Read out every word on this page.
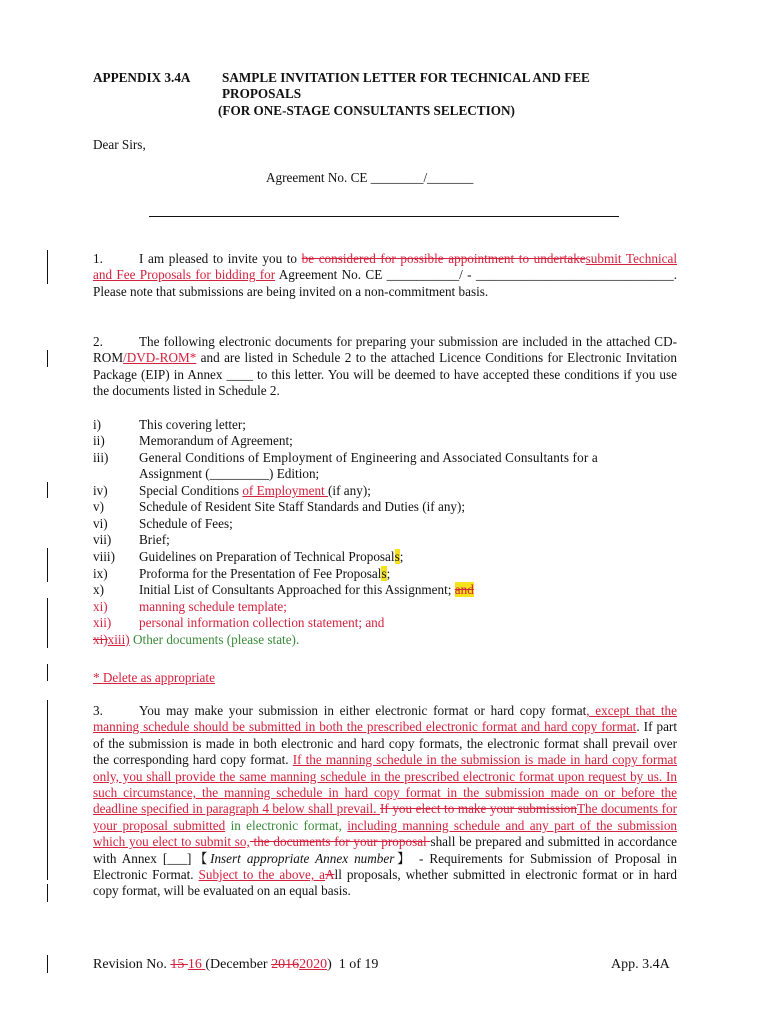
APPENDIX 3.4A SAMPLE INVITATION LETTER FOR TECHNICAL AND FEE
PROPOSALS
(FOR ONE-STAGE CONSULTANTS SELECTION)
Dear Sirs,
Agreement No. CE ________/_______
1.	I am pleased to invite you to be considered for possible appointment to undertakesubmit Technical and Fee Proposals for bidding for Agreement No. CE ___________/ - ______________________________. Please note that submissions are being invited on a non-commitment basis.
2.	The following electronic documents for preparing your submission are included in the attached CD-ROM/DVD-ROM* and are listed in Schedule 2 to the attached Licence Conditions for Electronic Invitation Package (EIP) in Annex ____ to this letter. You will be deemed to have accepted these conditions if you use the documents listed in Schedule 2.
i)	This covering letter;
ii)	Memorandum of Agreement;
iii) General Conditions of Employment of Engineering and Associated Consultants for a
Assignment (_________) Edition;
iv) Special Conditions of Employment (if any);
v)	Schedule of Resident Site Staff Standards and Duties (if any);
vi) Schedule of Fees;
vii) Brief;
viii) Guidelines on Preparation of Technical Proposals;
ix) Proforma for the Presentation of Fee Proposals;
x)	Initial List of Consultants Approached for this Assignment; and
xi) manning schedule template;
xii) personal information collection statement; and
xi)xiii) Other documents (please state).
* Delete as appropriate
3.	You may make your submission in either electronic format or hard copy format, except that the manning schedule should be submitted in both the prescribed electronic format and hard copy format. If part of the submission is made in both electronic and hard copy formats, the electronic format shall prevail over the corresponding hard copy format. If the manning schedule in the submission is made in hard copy format only, you shall provide the same manning schedule in the prescribed electronic format upon request by us. In such circumstance, the manning schedule in hard copy format in the submission made on or before the deadline specified in paragraph 4 below shall prevail. If you elect to make your submissionThe documents for your proposal submitted in electronic format, including manning schedule and any part of the submission which you elect to submit so, the documents for your proposal shall be prepared and submitted in accordance with Annex [___]【Insert appropriate Annex number】 - Requirements for Submission of Proposal in Electronic Format. Subject to the above, aAll proposals, whether submitted in electronic format or in hard copy format, will be evaluated on an equal basis.
Revision No. 15 16 (December 20162020) 1 of 19	App. 3.4A
